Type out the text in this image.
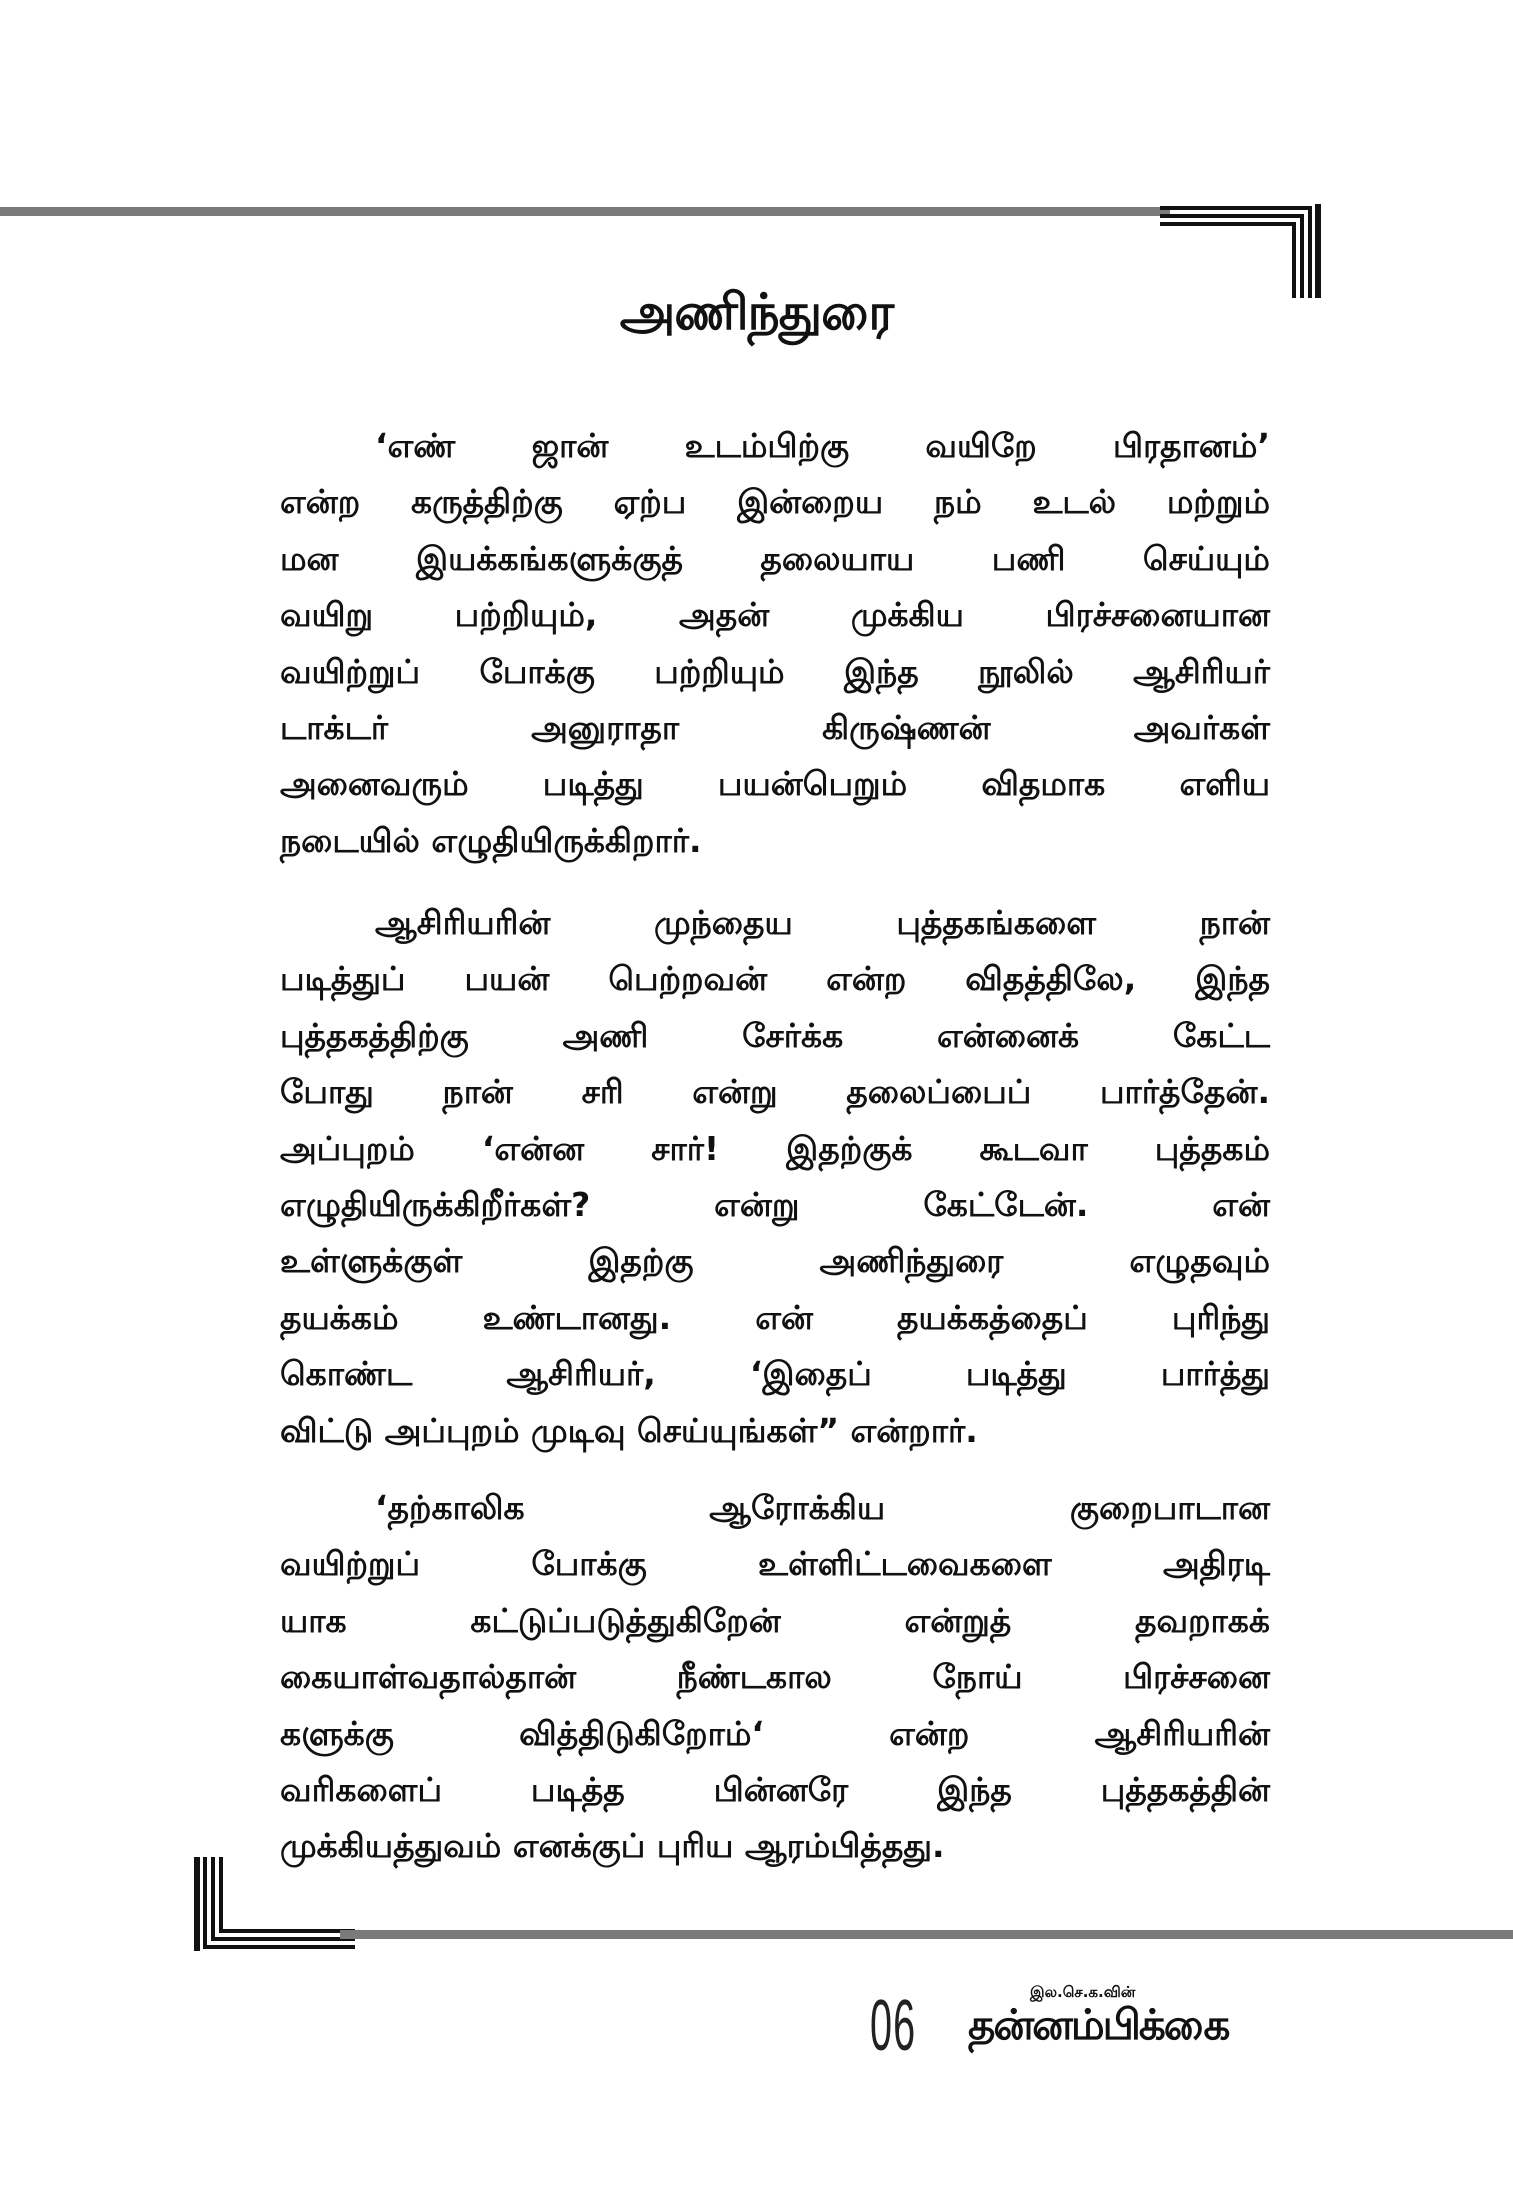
அணிந்துரை
‘எண் ஜான் உடம்பிற்கு வயிறே பிரதானம்’
என்ற கருத்திற்கு ஏற்ப இன்றைய நம் உடல் மற்றும்
மன இயக்கங்களுக்குத் தலையாய பணி செய்யும்
வயிறு பற்றியும், அதன் முக்கிய பிரச்சனையான
வயிற்றுப் போக்கு பற்றியும் இந்த நூலில் ஆசிரியர்
டாக்டர் அனுராதா கிருஷ்ணன் அவர்கள்
அனைவரும் படித்து பயன்பெறும் விதமாக எளிய
நடையில் எழுதியிருக்கிறார்.
ஆசிரியரின் முந்தைய புத்தகங்களை நான்
படித்துப் பயன் பெற்றவன் என்ற விதத்திலே, இந்த
புத்தகத்திற்கு அணி சேர்க்க என்னைக் கேட்ட
போது நான் சரி என்று தலைப்பைப் பார்த்தேன்.
அப்புறம் ‘என்ன சார்! இதற்குக் கூடவா புத்தகம்
எழுதியிருக்கிறீர்கள்? என்று கேட்டேன். என்
உள்ளுக்குள் இதற்கு அணிந்துரை எழுதவும்
தயக்கம் உண்டானது. என் தயக்கத்தைப் புரிந்து
கொண்ட ஆசிரியர், ‘இதைப் படித்து பார்த்து
விட்டு அப்புறம் முடிவு செய்யுங்கள்” என்றார்.
‘தற்காலிக ஆரோக்கிய குறைபாடான
வயிற்றுப் போக்கு உள்ளிட்டவைகளை அதிரடி
யாக கட்டுப்படுத்துகிறேன் என்றுத் தவறாகக்
கையாள்வதால்தான் நீண்டகால நோய் பிரச்சனை
களுக்கு வித்திடுகிறோம்‘ என்ற ஆசிரியரின்
வரிகளைப் படித்த பின்னரே இந்த புத்தகத்தின்
முக்கியத்துவம் எனக்குப் புரிய ஆரம்பித்தது.
06	இல.செ.க.வின்
தன்னம்பிக்கை
